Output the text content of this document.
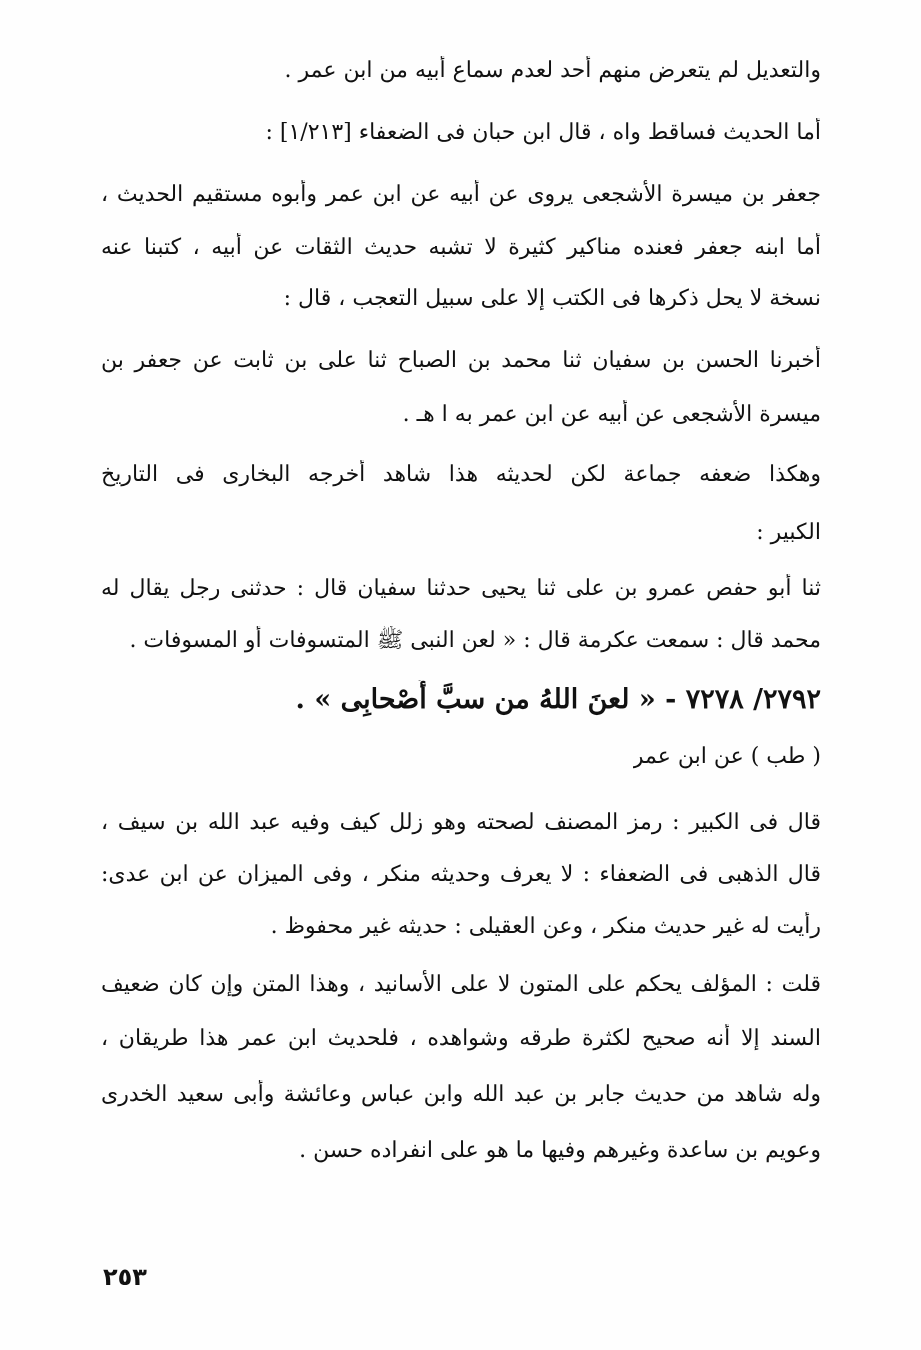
والتعديل لم يتعرض منهم أحد لعدم سماع أبيه من ابن عمر .
أما الحديث فساقط واه ، قال ابن حبان فى الضعفاء [١/٢١٣] :
جعفر بن ميسرة الأشجعى يروى عن أبيه عن ابن عمر وأبوه مستقيم الحديث ،
أما ابنه جعفر فعنده مناكير كثيرة لا تشبه حديث الثقات عن أبيه ، كتبنا عنه
نسخة لا يحل ذكرها فى الكتب إلا على سبيل التعجب ، قال :
أخبرنا الحسن بن سفيان ثنا محمد بن الصباح ثنا على بن ثابت عن جعفر بن
ميسرة الأشجعى عن أبيه عن ابن عمر به ا هـ .
وهكذا ضعفه جماعة لكن لحديثه هذا شاهد أخرجه البخارى فى التاريخ
الكبير :
ثنا أبو حفص عمرو بن على ثنا يحيى حدثنا سفيان قال : حدثنى رجل يقال له
محمد قال : سمعت عكرمة قال : « لعن النبى ﷺ المتسوفات أو المسوفات .
٢٧٩٢/ ٧٢٧٨ - « لعنَ اللهُ من سبَّ أَصْحابِى » .
( طب ) عن ابن عمر
قال فى الكبير : رمز المصنف لصحته وهو زلل كيف وفيه عبد الله بن سيف ،
قال الذهبى فى الضعفاء : لا يعرف وحديثه منكر ، وفى الميزان عن ابن عدى:
رأيت له غير حديث منكر ، وعن العقيلى : حديثه غير محفوظ .
قلت : المؤلف يحكم على المتون لا على الأسانيد ، وهذا المتن وإن كان ضعيف
السند إلا أنه صحيح لكثرة طرقه وشواهده ، فلحديث ابن عمر هذا طريقان ،
وله شاهد من حديث جابر بن عبد الله وابن عباس وعائشة وأبى سعيد الخدرى
وعويم بن ساعدة وغيرهم وفيها ما هو على انفراده حسن .
٢٥٣
